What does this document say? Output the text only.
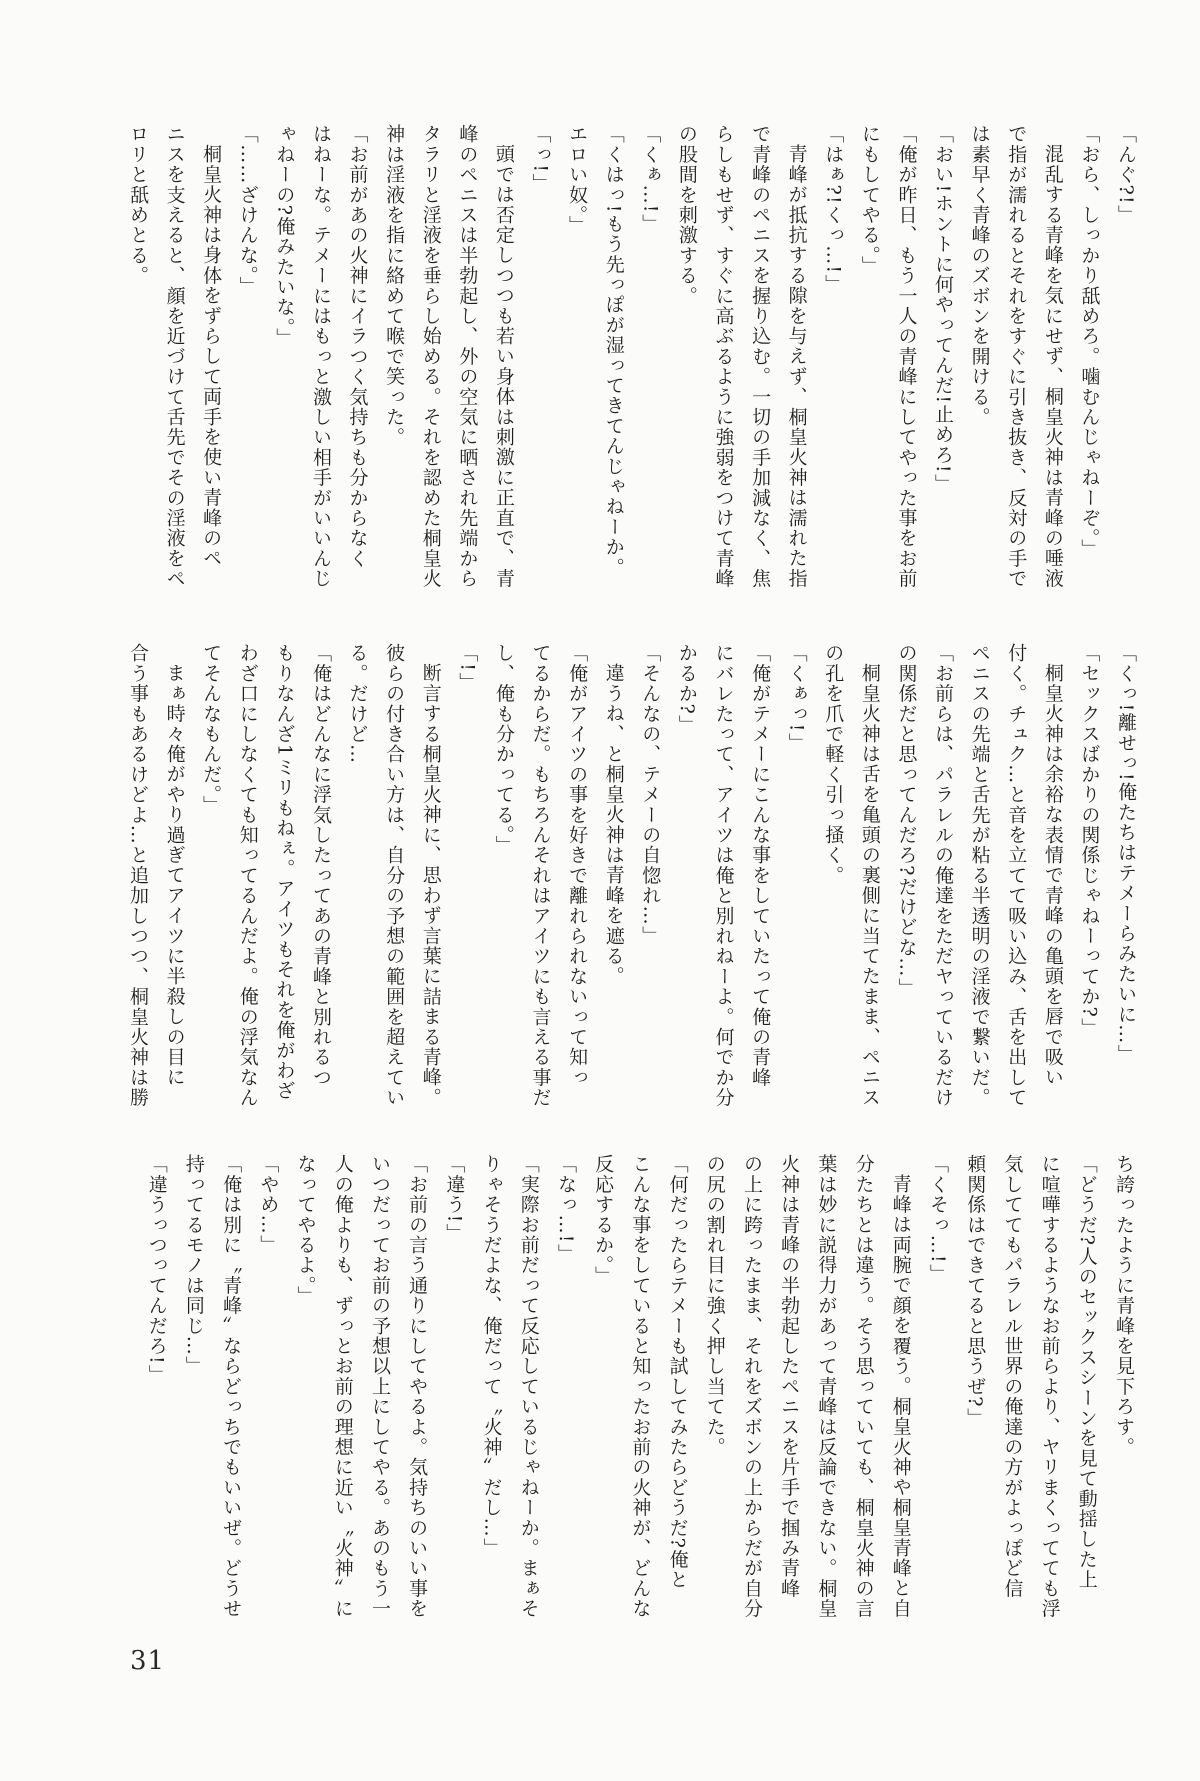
「んぐ?!」

「おら、しっかり舐めろ。噛むんじゃねーぞ。」

混乱する青峰を気にせず、桐皇火神は青峰の唾液

で指が濡れるとそれをすぐに引き抜き、反対の手で

は素早く青峰のズボンを開ける。

「おい!ホントに何やってんだ!止めろ!」

「俺が昨日、もう一人の青峰にしてやった事をお前

にもしてやる。」

「はぁ?!くっ…!」

青峰が抵抗する隙を与えず、桐皇火神は濡れた指

で青峰のペニスを握り込む。一切の手加減なく、焦

らしもせず、すぐに高ぶるように強弱をつけて青峰

の股間を刺激する。

「くぁ…!」

「くはっ!もう先っぽが湿ってきてんじゃねーか。

エロい奴。」

「っ!」

頭では否定しつつも若い身体は刺激に正直で、青

峰のペニスは半勃起し、外の空気に晒され先端から

タラリと淫液を垂らし始める。それを認めた桐皇火

神は淫液を指に絡めて喉で笑った。

「お前があの火神にイラつく気持ちも分からなく

はねーな。テメーにはもっと激しい相手がいいんじ

ゃねーの?俺みたいな。」

「……ざけんな。」

桐皇火神は身体をずらして両手を使い青峰のペ

ニスを支えると、顔を近づけて舌先でその淫液をペ

ロリと舐めとる。

「くっ!離せっ!俺たちはテメーらみたいに…」

「セックスばかりの関係じゃねーってか?」

桐皇火神は余裕な表情で青峰の亀頭を唇で吸い

付く。チュク…と音を立てて吸い込み、舌を出して

ペニスの先端と舌先が粘る半透明の淫液で繋いだ。

「お前らは、パラレルの俺達をただヤっているだけ

の関係だと思ってんだろ?だけどな…」

桐皇火神は舌を亀頭の裏側に当てたまま、ペニス

の孔を爪で軽く引っ掻く。

「くぁっ!」

「俺がテメーにこんな事をしていたって俺の青峰

にバレたって、アイツは俺と別れねーよ。何でか分

かるか?」

「そんなの、テメーの自惚れ…」

違うね、と桐皇火神は青峰を遮る。

「俺がアイツの事を好きで離れられないって知っ

てるからだ。もちろんそれはアイツにも言える事だ

し、俺も分かってる。」

「!」

断言する桐皇火神に、思わず言葉に詰まる青峰。

彼らの付き合い方は、自分の予想の範囲を超えてい

る。だけど…

「俺はどんなに浮気したってあの青峰と別れるつ

もりなんざ1ミリもねぇ。アイツもそれを俺がわざ

わざ口にしなくても知ってるんだよ。俺の浮気なん

てそんなもんだ。」

まぁ時々俺がやり過ぎてアイツに半殺しの目に

合う事もあるけどよ…と追加しつつ、桐皇火神は勝

ち誇ったように青峰を見下ろす。

「どうだ?人のセックスシーンを見て動揺した上

に喧嘩するようなお前らより、ヤリまくってても浮

気しててもパラレル世界の俺達の方がよっぽど信

頼関係はできてると思うぜ?」

「くそっ…!」

青峰は両腕で顔を覆う。桐皇火神や桐皇青峰と自

分たちとは違う。そう思っていても、桐皇火神の言

葉は妙に説得力があって青峰は反論できない。桐皇

火神は青峰の半勃起したペニスを片手で掴み青峰

の上に跨ったまま、それをズボンの上からだが自分

の尻の割れ目に強く押し当てた。

「何だったらテメーも試してみたらどうだ?俺と

こんな事をしていると知ったお前の火神が、どんな

反応するか。」

「なっ…!」

「実際お前だって反応しているじゃねーか。まぁそ

りゃそうだよな、俺だって〝火神〟だし…」

「違う!」

「お前の言う通りにしてやるよ。気持ちのいい事を

いつだってお前の予想以上にしてやる。あのもう一

人の俺よりも、ずっとお前の理想に近い〝火神〟に

なってやるよ。」

「やめ…」

「俺は別に〝青峰〟ならどっちでもいいぜ。どうせ

持ってるモノは同じ…」

「違うっつってんだろ!」

31
